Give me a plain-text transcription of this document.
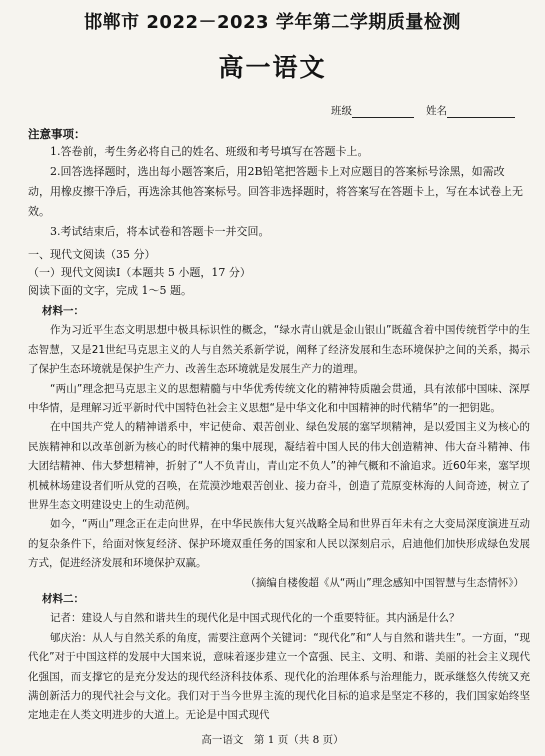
邯郸市 2022－2023 学年第二学期质量检测
高一语文
班级	姓名
注意事项：

1.答卷前，考生务必将自己的姓名、班级和考号填写在答题卡上。

2.回答选择题时，选出每小题答案后，用2B铅笔把答题卡上对应题目的答案标号涂黑，如需改动，用橡皮擦干净后，再选涂其他答案标号。回答非选择题时，将答案写在答题卡上，写在本试卷上无效。

3.考试结束后，将本试卷和答题卡一并交回。

一、现代文阅读（35 分）
（一）现代文阅读Ⅰ（本题共 5 小题，17 分）
阅读下面的文字，完成 1～5 题。
材料一：

作为习近平生态文明思想中极具标识性的概念，“绿水青山就是金山银山”既蕴含着中国传统哲学中的生态智慧，又是21世纪马克思主义的人与自然关系新学说，阐释了经济发展和生态环境保护之间的关系，揭示了保护生态环境就是保护生产力、改善生态环境就是发展生产力的道理。

“两山”理念把马克思主义的思想精髓与中华优秀传统文化的精神特质融会贯通，具有浓郁中国味、深厚中华情，是理解习近平新时代中国特色社会主义思想“是中华文化和中国精神的时代精华”的一把钥匙。

在中国共产党人的精神谱系中，牢记使命、艰苦创业、绿色发展的塞罕坝精神，是以爱国主义为核心的民族精神和以改革创新为核心的时代精神的集中展现，凝结着中国人民的伟大创造精神、伟大奋斗精神、伟大团结精神、伟大梦想精神，折射了“人不负青山，青山定不负人”的神气概和不渝追求。近60年来，塞罕坝机械林场建设者们听从党的召唤，在荒漠沙地艰苦创业、接力奋斗，创造了荒原变林海的人间奇迹，树立了世界生态文明建设史上的生动范例。

如今，“两山”理念正在走向世界，在中华民族伟大复兴战略全局和世界百年未有之大变局深度演进互动的复杂条件下，给面对恢复经济、保护环境双重任务的国家和人民以深刻启示，启迪他们加快形成绿色发展方式，促进经济发展和环境保护双赢。

（摘编自楼俊超《从“两山”理念感知中国智慧与生态情怀》）
材料二：

记者：建设人与自然和谐共生的现代化是中国式现代化的一个重要特征。其内涵是什么？

郇庆治：从人与自然关系的角度，需要注意两个关键词：“现代化”和“人与自然和谐共生”。一方面，“现代化”对于中国这样的发展中大国来说，意味着逐步建立一个富强、民主、文明、和谐、美丽的社会主义现代化强国，而支撑它的是充分发达的现代经济科技体系、现代化的治理体系与治理能力，既承继悠久传统又充满创新活力的现代社会与文化。我们对于当今世界主流的现代化目标的追求是坚定不移的，我们国家始终坚定地走在人类文明进步的大道上。无论是中国式现代

高一语文　第 1 页（共 8 页）
